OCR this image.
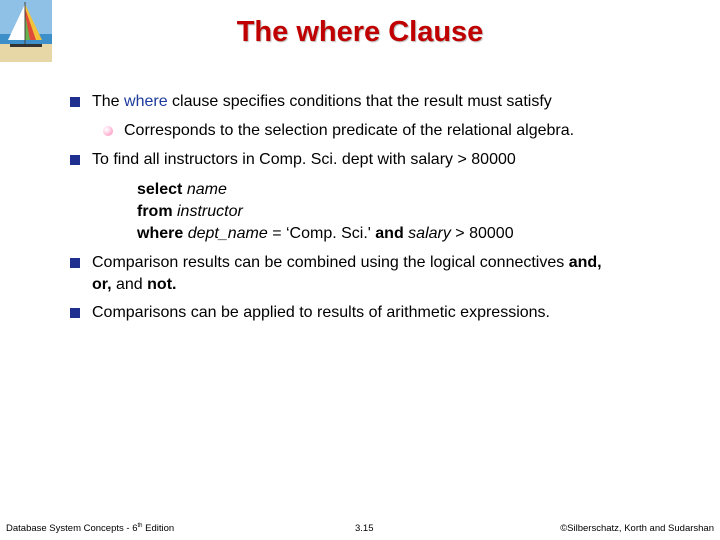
The where Clause
The where clause specifies conditions that the result must satisfy
Corresponds to the selection predicate of the relational algebra.
To find all instructors in Comp. Sci. dept with salary > 80000
select name
from instructor
where dept_name = ‘Comp. Sci.' and salary > 80000
Comparison results can be combined using the logical connectives and,
or, and not.
Comparisons can be applied to results of arithmetic expressions.
Database System Concepts - 6th Edition	3.15	©Silberschatz, Korth and Sudarshan
